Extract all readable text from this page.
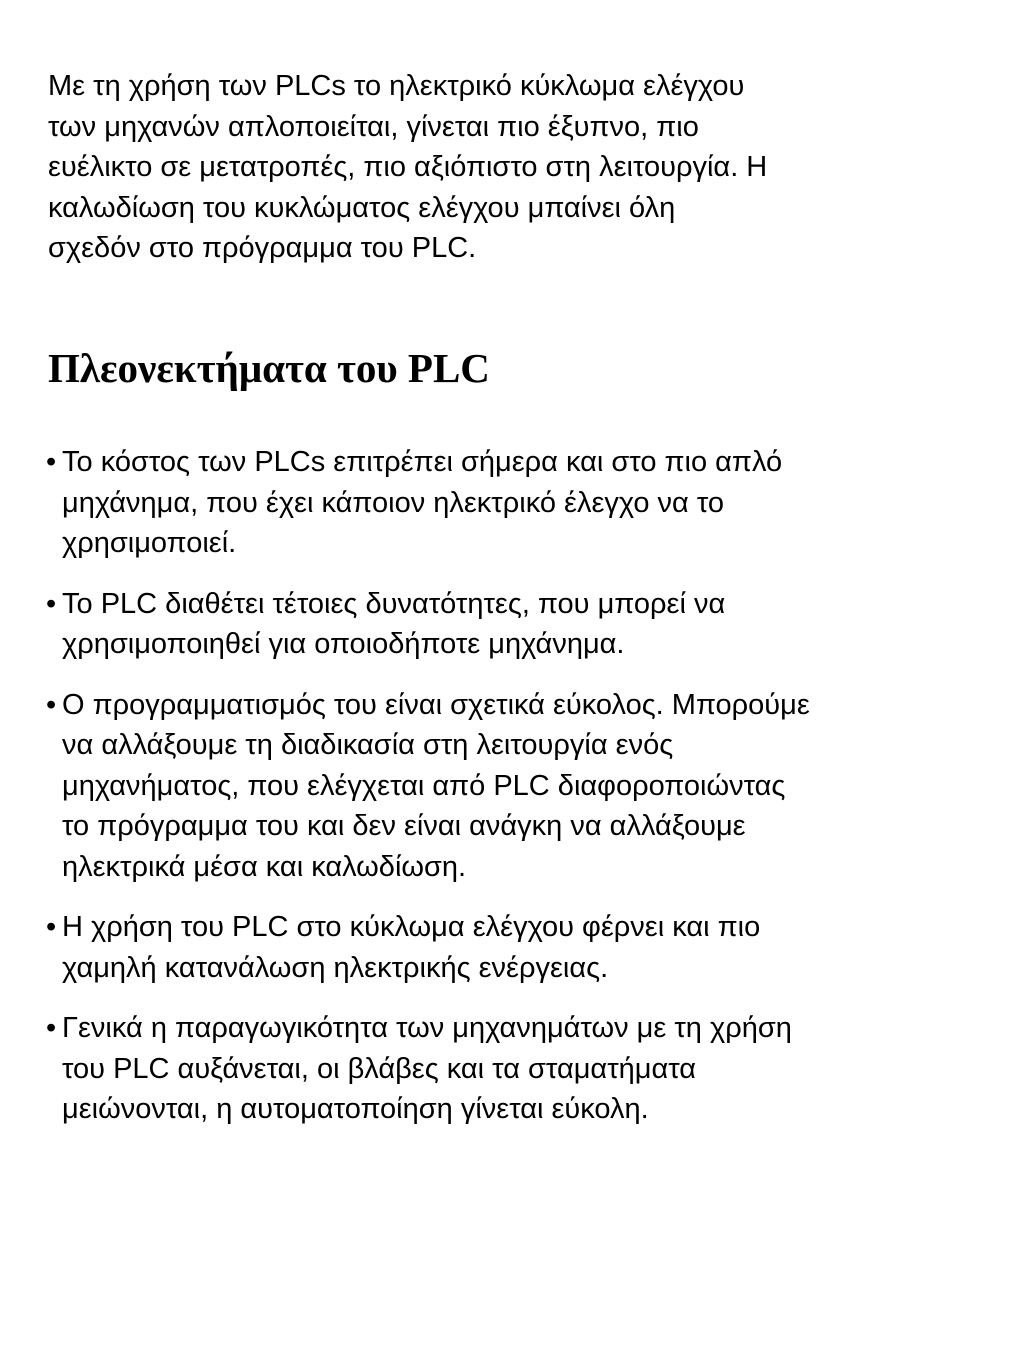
Με τη χρήση των PLCs το ηλεκτρικό κύκλωμα ελέγχου
των μηχανών απλοποιείται, γίνεται πιο έξυπνο, πιο
ευέλικτο σε μετατροπές, πιο αξιόπιστο στη λειτουργία. Η
καλωδίωση του κυκλώματος ελέγχου μπαίνει όλη
σχεδόν στο πρόγραμμα του PLC.

Πλεονεκτήματα του PLC
• Το κόστος των PLCs επιτρέπει σήμερα και στο πιο απλό
μηχάνημα, που έχει κάποιον ηλεκτρικό έλεγχο να το
χρησιμοποιεί.
• Το PLC διαθέτει τέτοιες δυνατότητες, που μπορεί να
χρησιμοποιηθεί για οποιοδήποτε μηχάνημα.
• Ο προγραμματισμός του είναι σχετικά εύκολος. Μπορούμε
να αλλάξουμε τη διαδικασία στη λειτουργία ενός
μηχανήματος, που ελέγχεται από PLC διαφοροποιώντας
το πρόγραμμα του και δεν είναι ανάγκη να αλλάξουμε
ηλεκτρικά μέσα και καλωδίωση.
• Η χρήση του PLC στο κύκλωμα ελέγχου φέρνει και πιο
χαμηλή κατανάλωση ηλεκτρικής ενέργειας.
• Γενικά η παραγωγικότητα των μηχανημάτων με τη χρήση
του PLC αυξάνεται, οι βλάβες και τα σταματήματα
μειώνονται, η αυτοματοποίηση γίνεται εύκολη.
